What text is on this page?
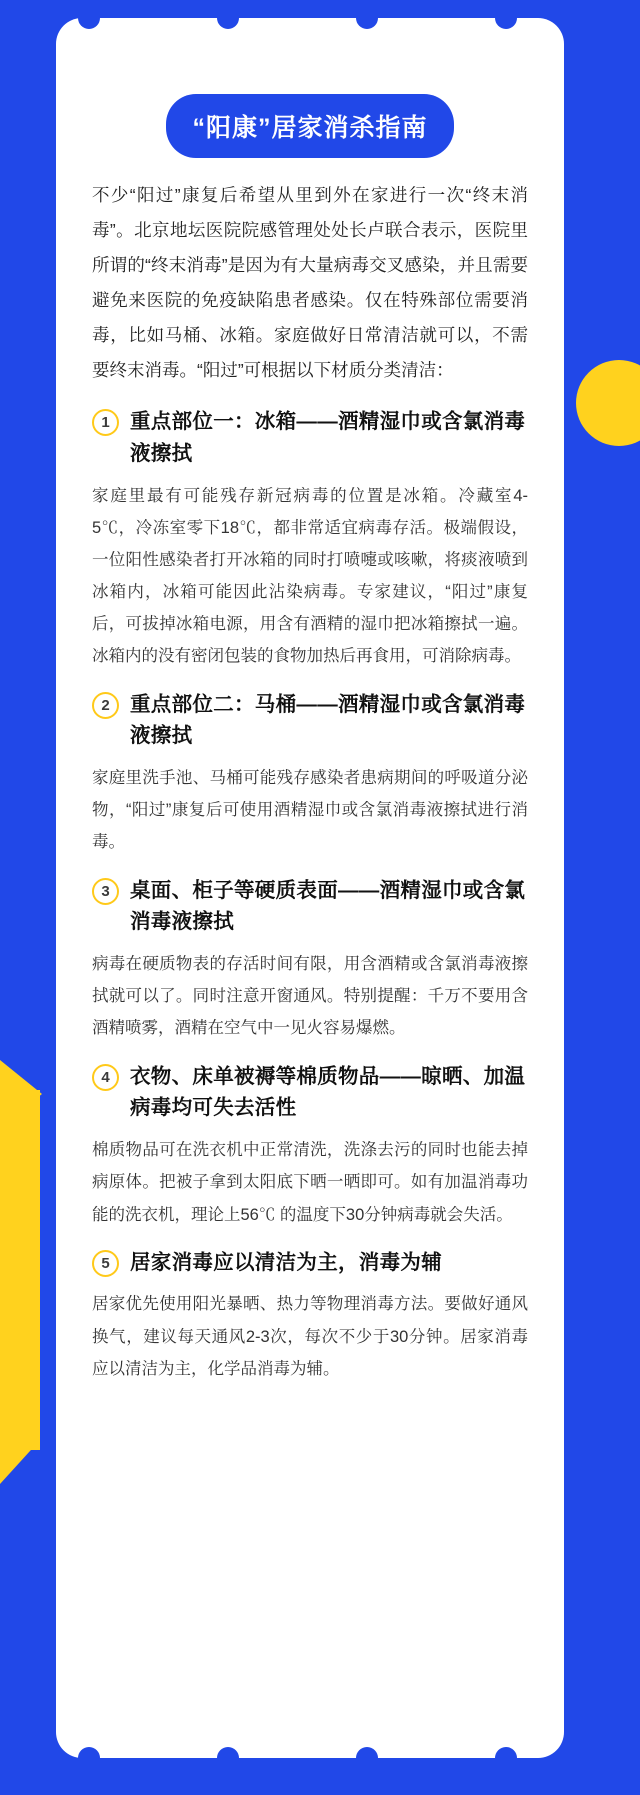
“阳康”居家消杀指南

不少“阳过”康复后希望从里到外在家进行一次“终末消毒”。北京地坛医院院感管理处处长卢联合表示，医院里所谓的“终末消毒”是因为有大量病毒交叉感染，并且需要避免来医院的免疫缺陷患者感染。仅在特殊部位需要消毒，比如马桶、冰箱。家庭做好日常清洁就可以，不需要终末消毒。“阳过”可根据以下材质分类清洁：

1 重点部位一：冰箱——酒精湿巾或含氯消毒液擦拭

家庭里最有可能残存新冠病毒的位置是冰箱。冷藏室4-5℃，冷冻室零下18℃，都非常适宜病毒存活。极端假设，一位阳性感染者打开冰箱的同时打喷嚏或咳嗽，将痰液喷到冰箱内，冰箱可能因此沾染病毒。专家建议，“阳过”康复后，可拔掉冰箱电源，用含有酒精的湿巾把冰箱擦拭一遍。冰箱内的没有密闭包装的食物加热后再食用，可消除病毒。

2 重点部位二：马桶——酒精湿巾或含氯消毒液擦拭

家庭里洗手池、马桶可能残存感染者患病期间的呼吸道分泌物，“阳过”康复后可使用酒精湿巾或含氯消毒液擦拭进行消毒。

3 桌面、柜子等硬质表面——酒精湿巾或含氯消毒液擦拭

病毒在硬质物表的存活时间有限，用含酒精或含氯消毒液擦拭就可以了。同时注意开窗通风。特别提醒：千万不要用含酒精喷雾，酒精在空气中一见火容易爆燃。

4 衣物、床单被褥等棉质物品——晾晒、加温病毒均可失去活性

棉质物品可在洗衣机中正常清洗，洗涤去污的同时也能去掉病原体。把被子拿到太阳底下晒一晒即可。如有加温消毒功能的洗衣机，理论上56℃ 的温度下30分钟病毒就会失活。

5 居家消毒应以清洁为主，消毒为辅

居家优先使用阳光暴晒、热力等物理消毒方法。要做好通风换气，建议每天通风2-3次，每次不少于30分钟。居家消毒应以清洁为主，化学品消毒为辅。
